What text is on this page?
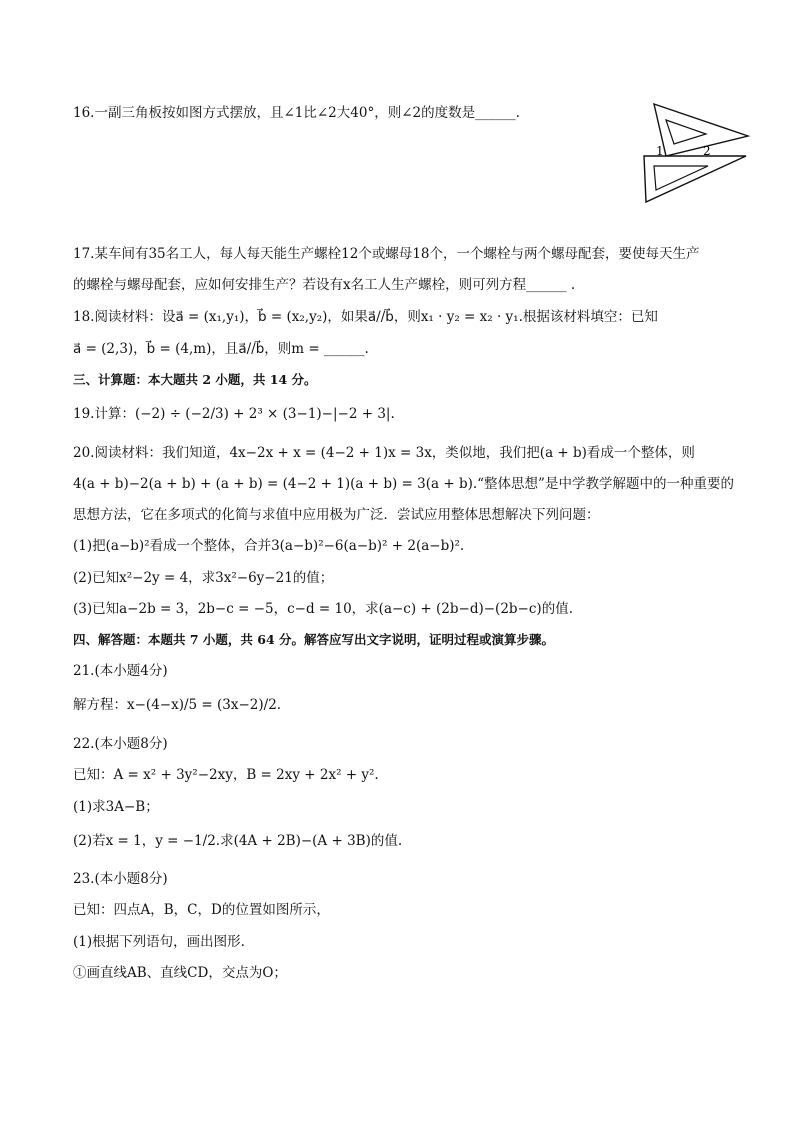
16.一副三角板按如图方式摆放，且∠1比∠2大40°，则∠2的度数是______.
1	2
17.某车间有35名工人，每人每天能生产螺栓12个或螺母18个，一个螺栓与两个螺母配套，要使每天生产
的螺栓与螺母配套，应如何安排生产？若设有x名工人生产螺栓，则可列方程______ .
18.阅读材料：设a⃗ = (x₁,y₁)，b⃗ = (x₂,y₂)，如果a⃗//b⃗，则x₁ · y₂ = x₂ · y₁.根据该材料填空：已知
a⃗ = (2,3)，b⃗ = (4,m)，且a⃗//b⃗，则m = ______.
三、计算题：本大题共 2 小题，共 14 分。
19.计算：(−2) ÷ (−2/3) + 2³ × (3−1)−|−2 + 3|.
20.阅读材料：我们知道，4x−2x + x = (4−2 + 1)x = 3x，类似地，我们把(a + b)看成一个整体，则
4(a + b)−2(a + b) + (a + b) = (4−2 + 1)(a + b) = 3(a + b).“整体思想”是中学教学解题中的一种重要的
思想方法，它在多项式的化简与求值中应用极为广泛．尝试应用整体思想解决下列问题：
(1)把(a−b)²看成一个整体，合并3(a−b)²−6(a−b)² + 2(a−b)².
(2)已知x²−2y = 4，求3x²−6y−21的值；
(3)已知a−2b = 3，2b−c = −5，c−d = 10，求(a−c) + (2b−d)−(2b−c)的值.
四、解答题：本题共 7 小题，共 64 分。解答应写出文字说明，证明过程或演算步骤。
21.(本小题4分)
解方程：x−(4−x)/5 = (3x−2)/2.
22.(本小题8分)
已知：A = x² + 3y²−2xy，B = 2xy + 2x² + y².
(1)求3A−B；
(2)若x = 1，y = −1/2.求(4A + 2B)−(A + 3B)的值.
23.(本小题8分)
已知：四点A，B，C，D的位置如图所示，
(1)根据下列语句，画出图形.
①画直线AB、直线CD，交点为O；
